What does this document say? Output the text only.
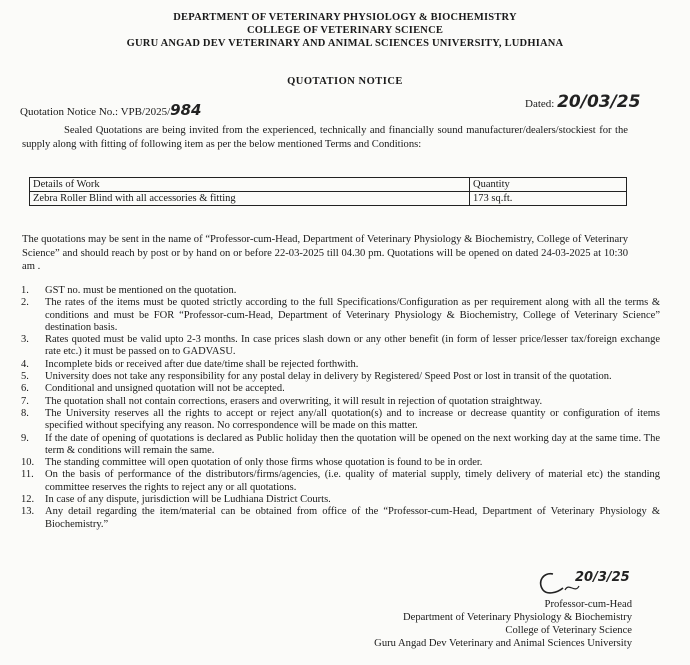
DEPARTMENT OF VETERINARY PHYSIOLOGY & BIOCHEMISTRY
COLLEGE OF VETERINARY SCIENCE
GURU ANGAD DEV VETERINARY AND ANIMAL SCIENCES UNIVERSITY, LUDHIANA
QUOTATION NOTICE
Quotation Notice No.: VPB/2025/984	Dated: 20/03/25
Sealed Quotations are being invited from the experienced, technically and financially sound manufacturer/dealers/stockiest for the supply along with fitting of following item as per the below mentioned Terms and Conditions:
Details of Work	Quantity
Zebra Roller Blind with all accessories & fitting	173 sq.ft.
The quotations may be sent in the name of “Professor-cum-Head, Department of Veterinary Physiology & Biochemistry, College of Veterinary Science” and should reach by post or by hand on or before 22-03-2025 till 04.30 pm. Quotations will be opened on dated 24-03-2025 at 10:30 am .
1.	GST no. must be mentioned on the quotation.
2.	The rates of the items must be quoted strictly according to the full Specifications/Configuration as per requirement along with all the terms & conditions and must be FOR “Professor-cum-Head, Department of Veterinary Physiology & Biochemistry, College of Veterinary Science” destination basis.
3.	Rates quoted must be valid upto 2-3 months. In case prices slash down or any other benefit (in form of lesser price/lesser tax/foreign exchange rate etc.) it must be passed on to GADVASU.
4.	Incomplete bids or received after due date/time shall be rejected forthwith.
5.	University does not take any responsibility for any postal delay in delivery by Registered/ Speed Post or lost in transit of the quotation.
6.	Conditional and unsigned quotation will not be accepted.
7.	The quotation shall not contain corrections, erasers and overwriting, it will result in rejection of quotation straightway.
8.	The University reserves all the rights to accept or reject any/all quotation(s) and to increase or decrease quantity or configuration of items specified without specifying any reason. No correspondence will be made on this matter.
9.	If the date of opening of quotations is declared as Public holiday then the quotation will be opened on the next working day at the same time. The term & conditions will remain the same.
10.	The standing committee will open quotation of only those firms whose quotation is found to be in order.
11.	On the basis of performance of the distributors/firms/agencies, (i.e. quality of material supply, timely delivery of material etc) the standing committee reserves the rights to reject any or all quotations.
12.	In case of any dispute, jurisdiction will be Ludhiana District Courts.
13.	Any detail regarding the item/material can be obtained from office of the “Professor-cum-Head, Department of Veterinary Physiology & Biochemistry.”
20/3/25
Professor-cum-Head
Department of Veterinary Physiology & Biochemistry
College of Veterinary Science
Guru Angad Dev Veterinary and Animal Sciences University
